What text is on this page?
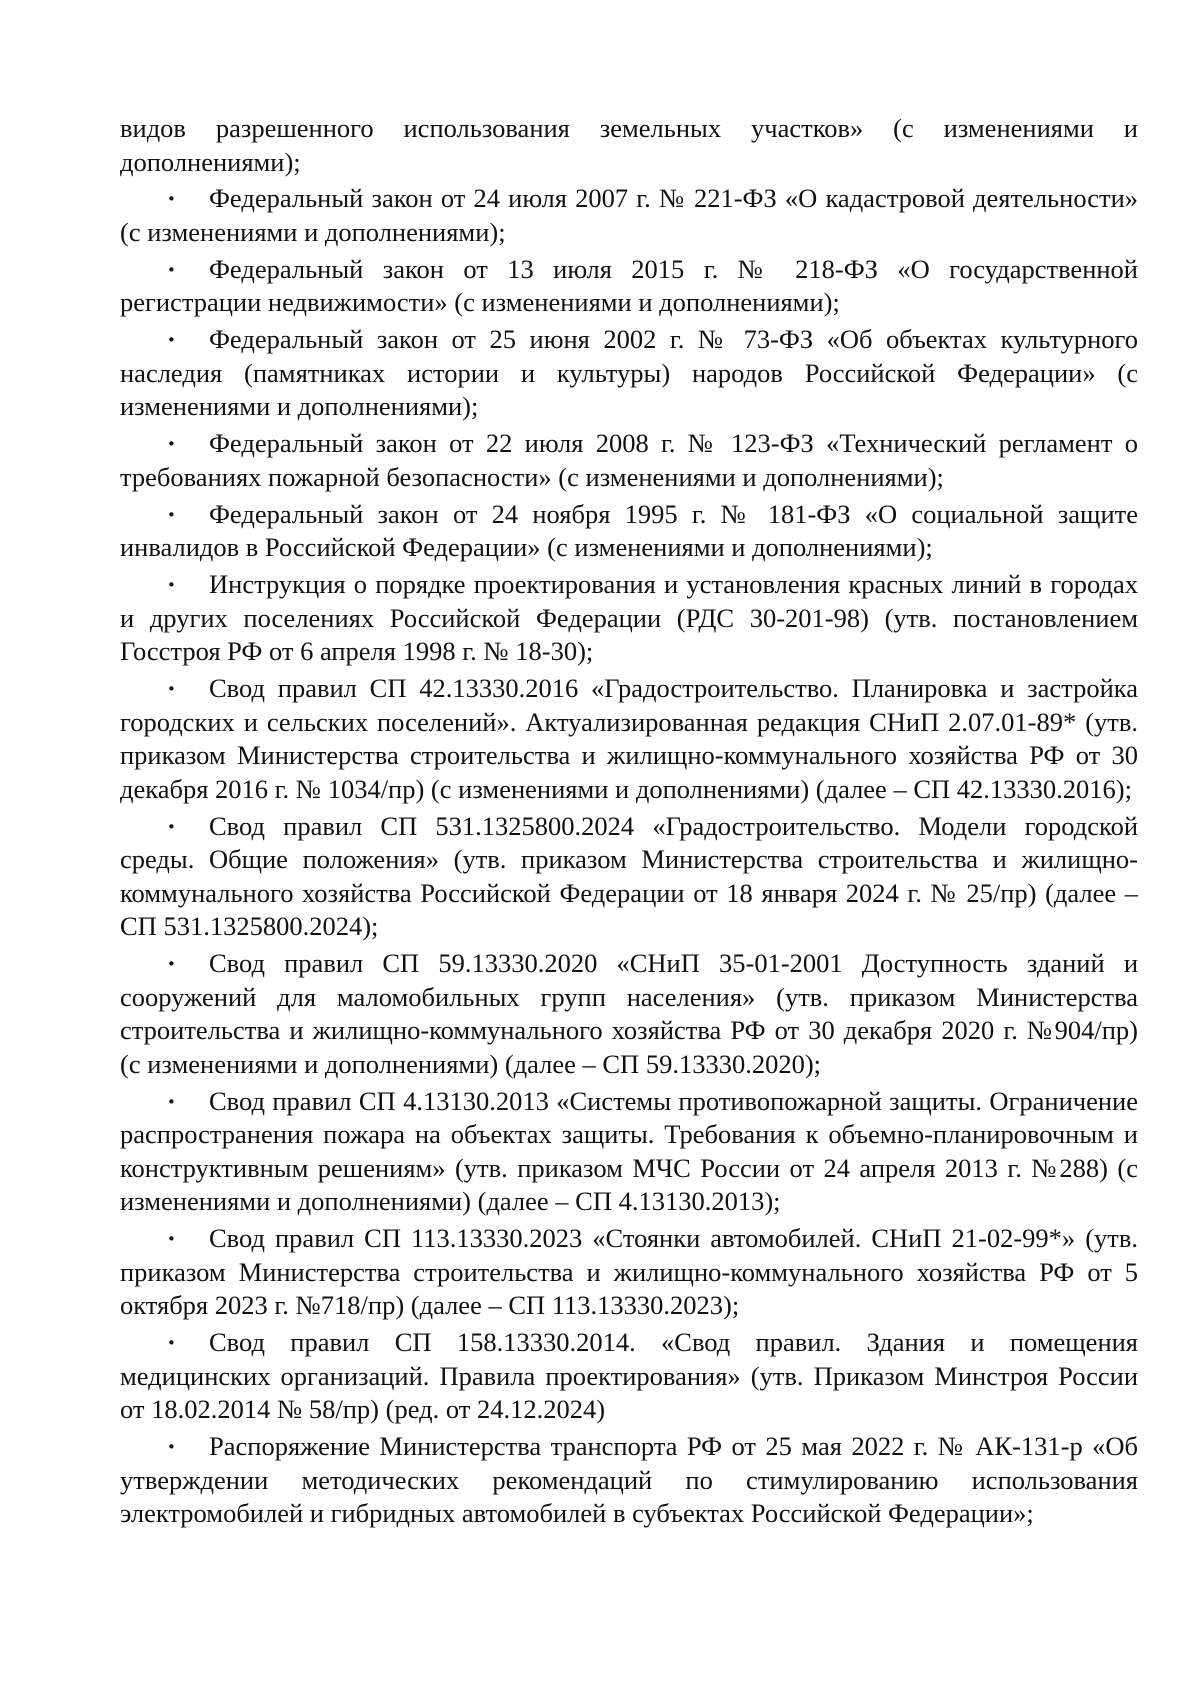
видов разрешенного использования земельных участков» (с изменениями и дополнениями);

· Федеральный закон от 24 июля 2007 г. № 221-ФЗ «О кадастровой деятельности» (с изменениями и дополнениями);

· Федеральный закон от 13 июля 2015 г. № 218-ФЗ «О государственной регистрации недвижимости» (с изменениями и дополнениями);

· Федеральный закон от 25 июня 2002 г. № 73-ФЗ «Об объектах культурного наследия (памятниках истории и культуры) народов Российской Федерации» (с изменениями и дополнениями);

· Федеральный закон от 22 июля 2008 г. № 123-ФЗ «Технический регламент о требованиях пожарной безопасности» (с изменениями и дополнениями);

· Федеральный закон от 24 ноября 1995 г. № 181-ФЗ «О социальной защите инвалидов в Российской Федерации» (с изменениями и дополнениями);

· Инструкция о порядке проектирования и установления красных линий в городах и других поселениях Российской Федерации (РДС 30-201-98) (утв. постановлением Госстроя РФ от 6 апреля 1998 г. № 18-30);

· Свод правил СП 42.13330.2016 «Градостроительство. Планировка и застройка городских и сельских поселений». Актуализированная редакция СНиП 2.07.01-89* (утв. приказом Министерства строительства и жилищно-коммунального хозяйства РФ от 30 декабря 2016 г. № 1034/пр) (с изменениями и дополнениями) (далее – СП 42.13330.2016);

· Свод правил СП 531.1325800.2024 «Градостроительство. Модели городской среды. Общие положения» (утв. приказом Министерства строительства и жилищно-коммунального хозяйства Российской Федерации от 18 января 2024 г. № 25/пр) (далее – СП 531.1325800.2024);

· Свод правил СП 59.13330.2020 «СНиП 35-01-2001 Доступность зданий и сооружений для маломобильных групп населения» (утв. приказом Министерства строительства и жилищно-коммунального хозяйства РФ от 30 декабря 2020 г. №904/пр) (с изменениями и дополнениями) (далее – СП 59.13330.2020);

· Свод правил СП 4.13130.2013 «Системы противопожарной защиты. Ограничение распространения пожара на объектах защиты. Требования к объемно-планировочным и конструктивным решениям» (утв. приказом МЧС России от 24 апреля 2013 г. №288) (с изменениями и дополнениями) (далее – СП 4.13130.2013);

· Свод правил СП 113.13330.2023 «Стоянки автомобилей. СНиП 21-02-99*» (утв. приказом Министерства строительства и жилищно-коммунального хозяйства РФ от 5 октября 2023 г. №718/пр) (далее – СП 113.13330.2023);

· Свод правил СП 158.13330.2014. «Свод правил. Здания и помещения медицинских организаций. Правила проектирования» (утв. Приказом Минстроя России от 18.02.2014 № 58/пр) (ред. от 24.12.2024)

· Распоряжение Министерства транспорта РФ от 25 мая 2022 г. № АК-131-р «Об утверждении методических рекомендаций по стимулированию использования электромобилей и гибридных автомобилей в субъектах Российской Федерации»;
